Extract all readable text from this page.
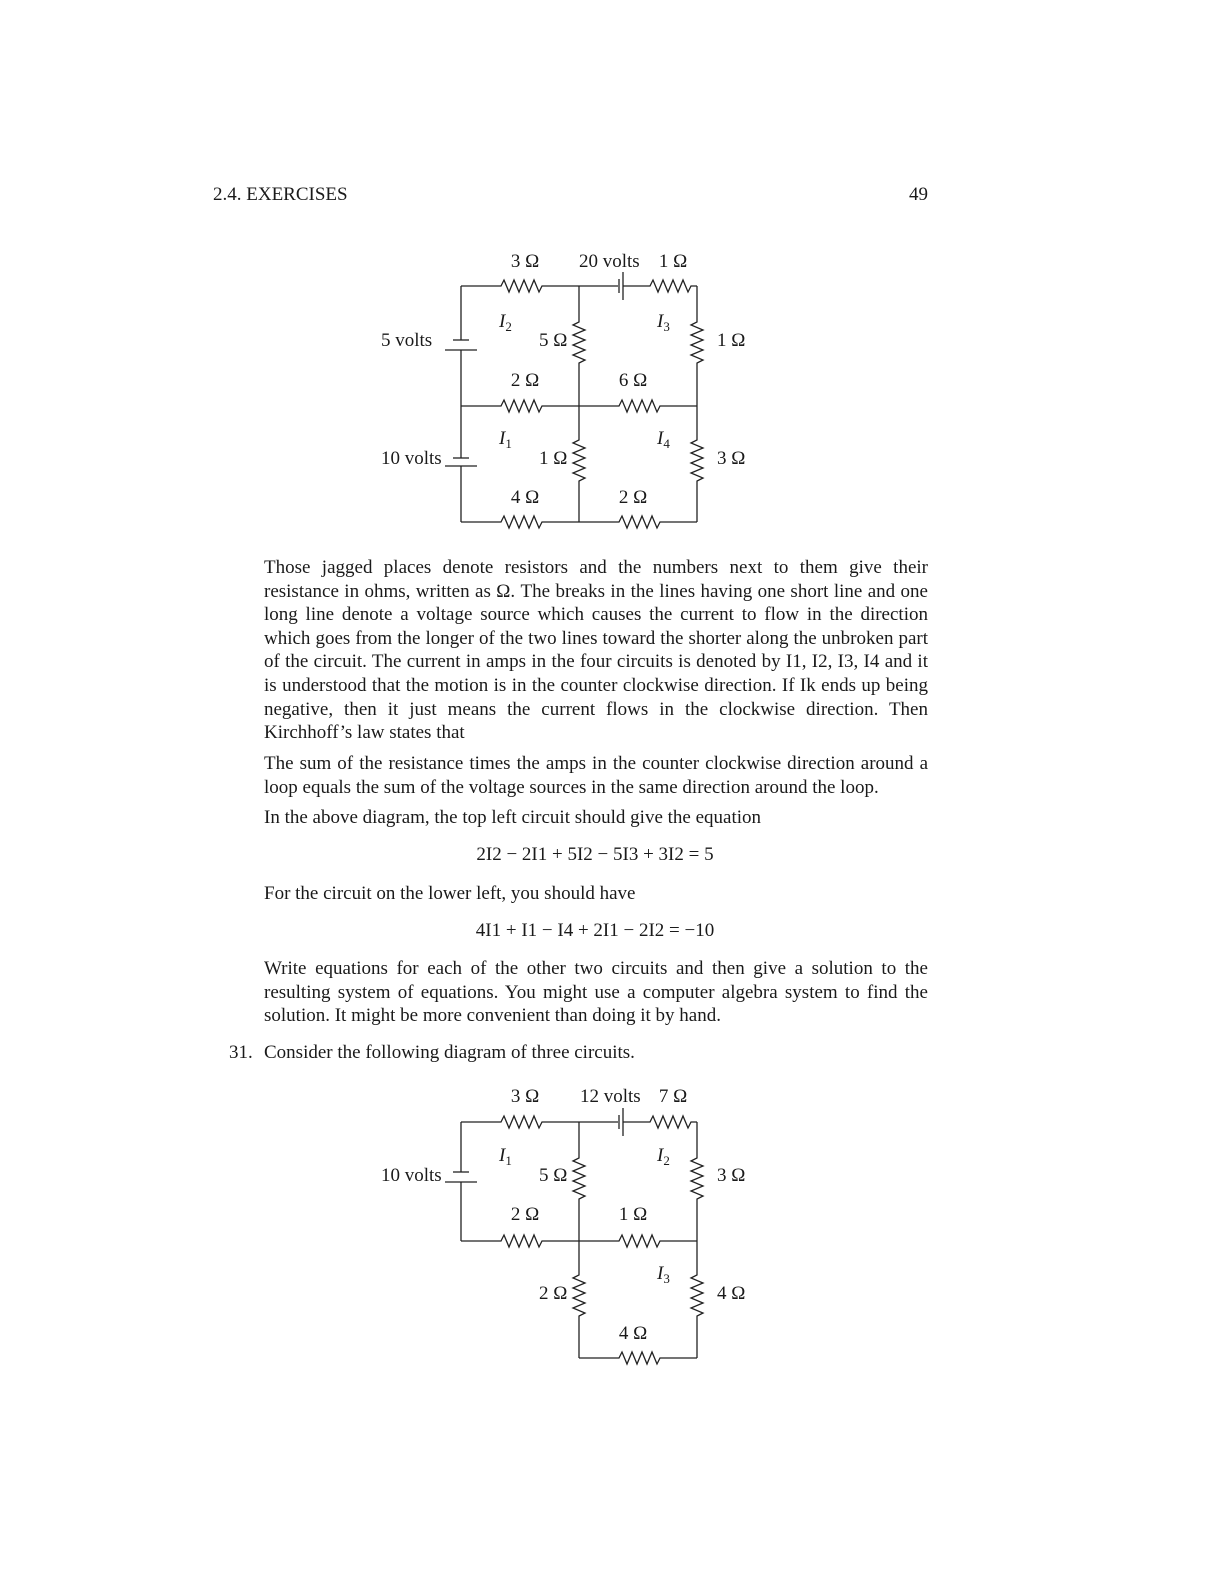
2.4. EXERCISES	49
3 Ω 20 volts 1 Ω
1 Ω
5 Ω
5 volts
2 Ω	6 Ω
1 Ω	3 Ω
10 volts
4 Ω	2 Ω
$I_2$	$I_3$
$I_1$	$I_4$

Those jagged places denote resistors and the numbers next to them give their resistance in ohms, written as Ω. The breaks in the lines having one short line and one long line denote a voltage source which causes the current to flow in the direction which goes from the longer of the two lines toward the shorter along the unbroken part of the circuit. The current in amps in the four circuits is denoted by I1, I2, I3, I4 and it is understood that the motion is in the counter clockwise direction. If Ik ends up being negative, then it just means the current flows in the clockwise direction. Then Kirchhoff’s law states that

The sum of the resistance times the amps in the counter clockwise direction around a loop equals the sum of the voltage sources in the same direction around the loop.

In the above diagram, the top left circuit should give the equation

2I2 − 2I1 + 5I2 − 5I3 + 3I2 = 5

For the circuit on the lower left, you should have

4I1 + I1 − I4 + 2I1 − 2I2 = −10

Write equations for each of the other two circuits and then give a solution to the resulting system of equations. You might use a computer algebra system to find the solution. It might be more convenient than doing it by hand.

31. Consider the following diagram of three circuits.
3 Ω 12 volts 7 Ω
10 volts	5 Ω	3 Ω
2 Ω	1 Ω
2 Ω	4 Ω
4 Ω
$I_1$	$I_2$
$I_3$
